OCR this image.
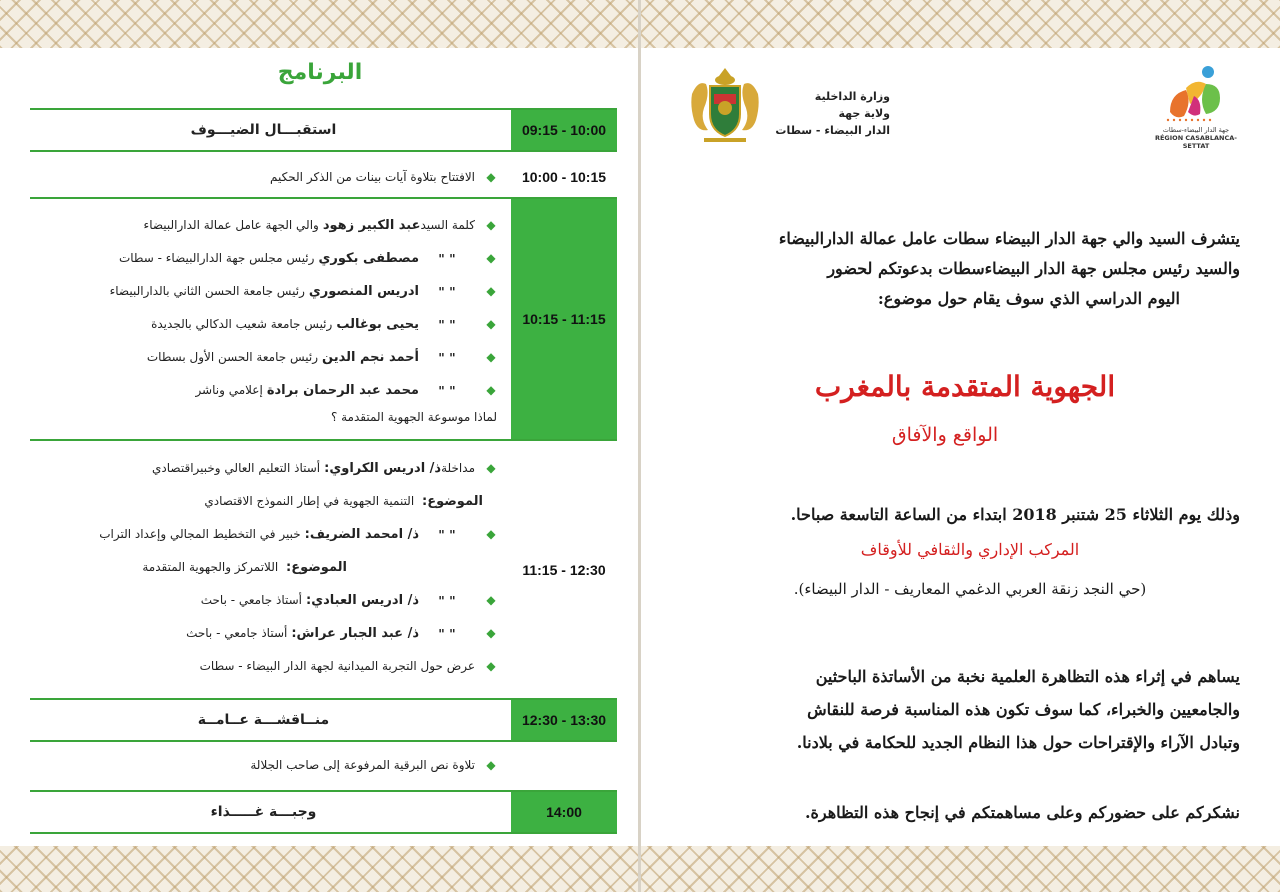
البرنامج
09:15 - 10:00
استقبـــال الضيـــوف
10:00 - 10:15
◆
الافتتاح بتلاوة آيات بينات من الذكر الحكيم
10:15 - 11:15
◆
كلمة السيد
عبد الكبير زهود
والي الجهة عامل عمالة الدارالبيضاء
◆
" "
مصطفى بكوري
رئيس مجلس جهة الدارالبيضاء - سطات
◆
" "
ادريس المنصوري
رئيس جامعة الحسن الثاني بالدارالبيضاء
◆
" "
يحيى بوغالب
رئيس جامعة شعيب الدكالي بالجديدة
◆
" "
أحمد نجم الدين
رئيس جامعة الحسن الأول بسطات
◆
" "
محمد عبد الرحمان برادة
إعلامي وناشر
لماذا موسوعة الجهوية المتقدمة ؟
11:15 - 12:30
◆
مداخلة
ذ/ ادريس الكراوي:
أستاذ التعليم العالي وخبيراقتصادي
الموضوع: التنمية الجهوية في إطار النموذج الاقتصادي
◆
" "
ذ/ امحمد الضريف:
خبير في التخطيط المجالي وإعداد التراب
الموضوع: اللاتمركز والجهوية المتقدمة
◆
" "
ذ/ ادريس العبادي:
أستاذ جامعي - باحث
◆
" "
ذ/ عبد الجبار عراش:
أستاذ جامعي - باحث
◆
عرض حول التجربة الميدانية لجهة الدار البيضاء - سطات
12:30 - 13:30
منــاقشـــة عــامــة
◆
تلاوة نص البرقية المرفوعة إلى صاحب الجلالة
14:00
وجبـــة غـــــذاء
وزارة الداخلية
ولاية جهة
الدار البيضاء - سطات	جهة الدار البيضاء-سطات
RÉGION CASABLANCA-SETTAT
يتشرف السيد والي جهة الدار البيضاء سطات عامل عمالة الدارالبيضاء
والسيد رئيس مجلس جهة الدار البيضاءسطات بدعوتكم لحضور
اليوم الدراسي الذي سوف يقام حول موضوع:
الجهوية المتقدمة بالمغرب
الواقع والآفاق
وذلك يوم الثلاثاء 25 شتنبر 2018 ابتداء من الساعة التاسعة صباحا.
المركب الإداري والثقافي للأوقاف
(حي النجد زنقة العربي الدغمي المعاريف - الدار البيضاء).
يساهم في إثراء هذه التظاهرة العلمية نخبة من الأساتذة الباحثين
والجامعيين والخبراء، كما سوف تكون هذه المناسبة فرصة للنقاش
وتبادل الآراء والإقتراحات حول هذا النظام الجديد للحكامة في بلادنا.
نشكركم على حضوركم وعلى مساهمتكم في إنجاح هذه التظاهرة.
